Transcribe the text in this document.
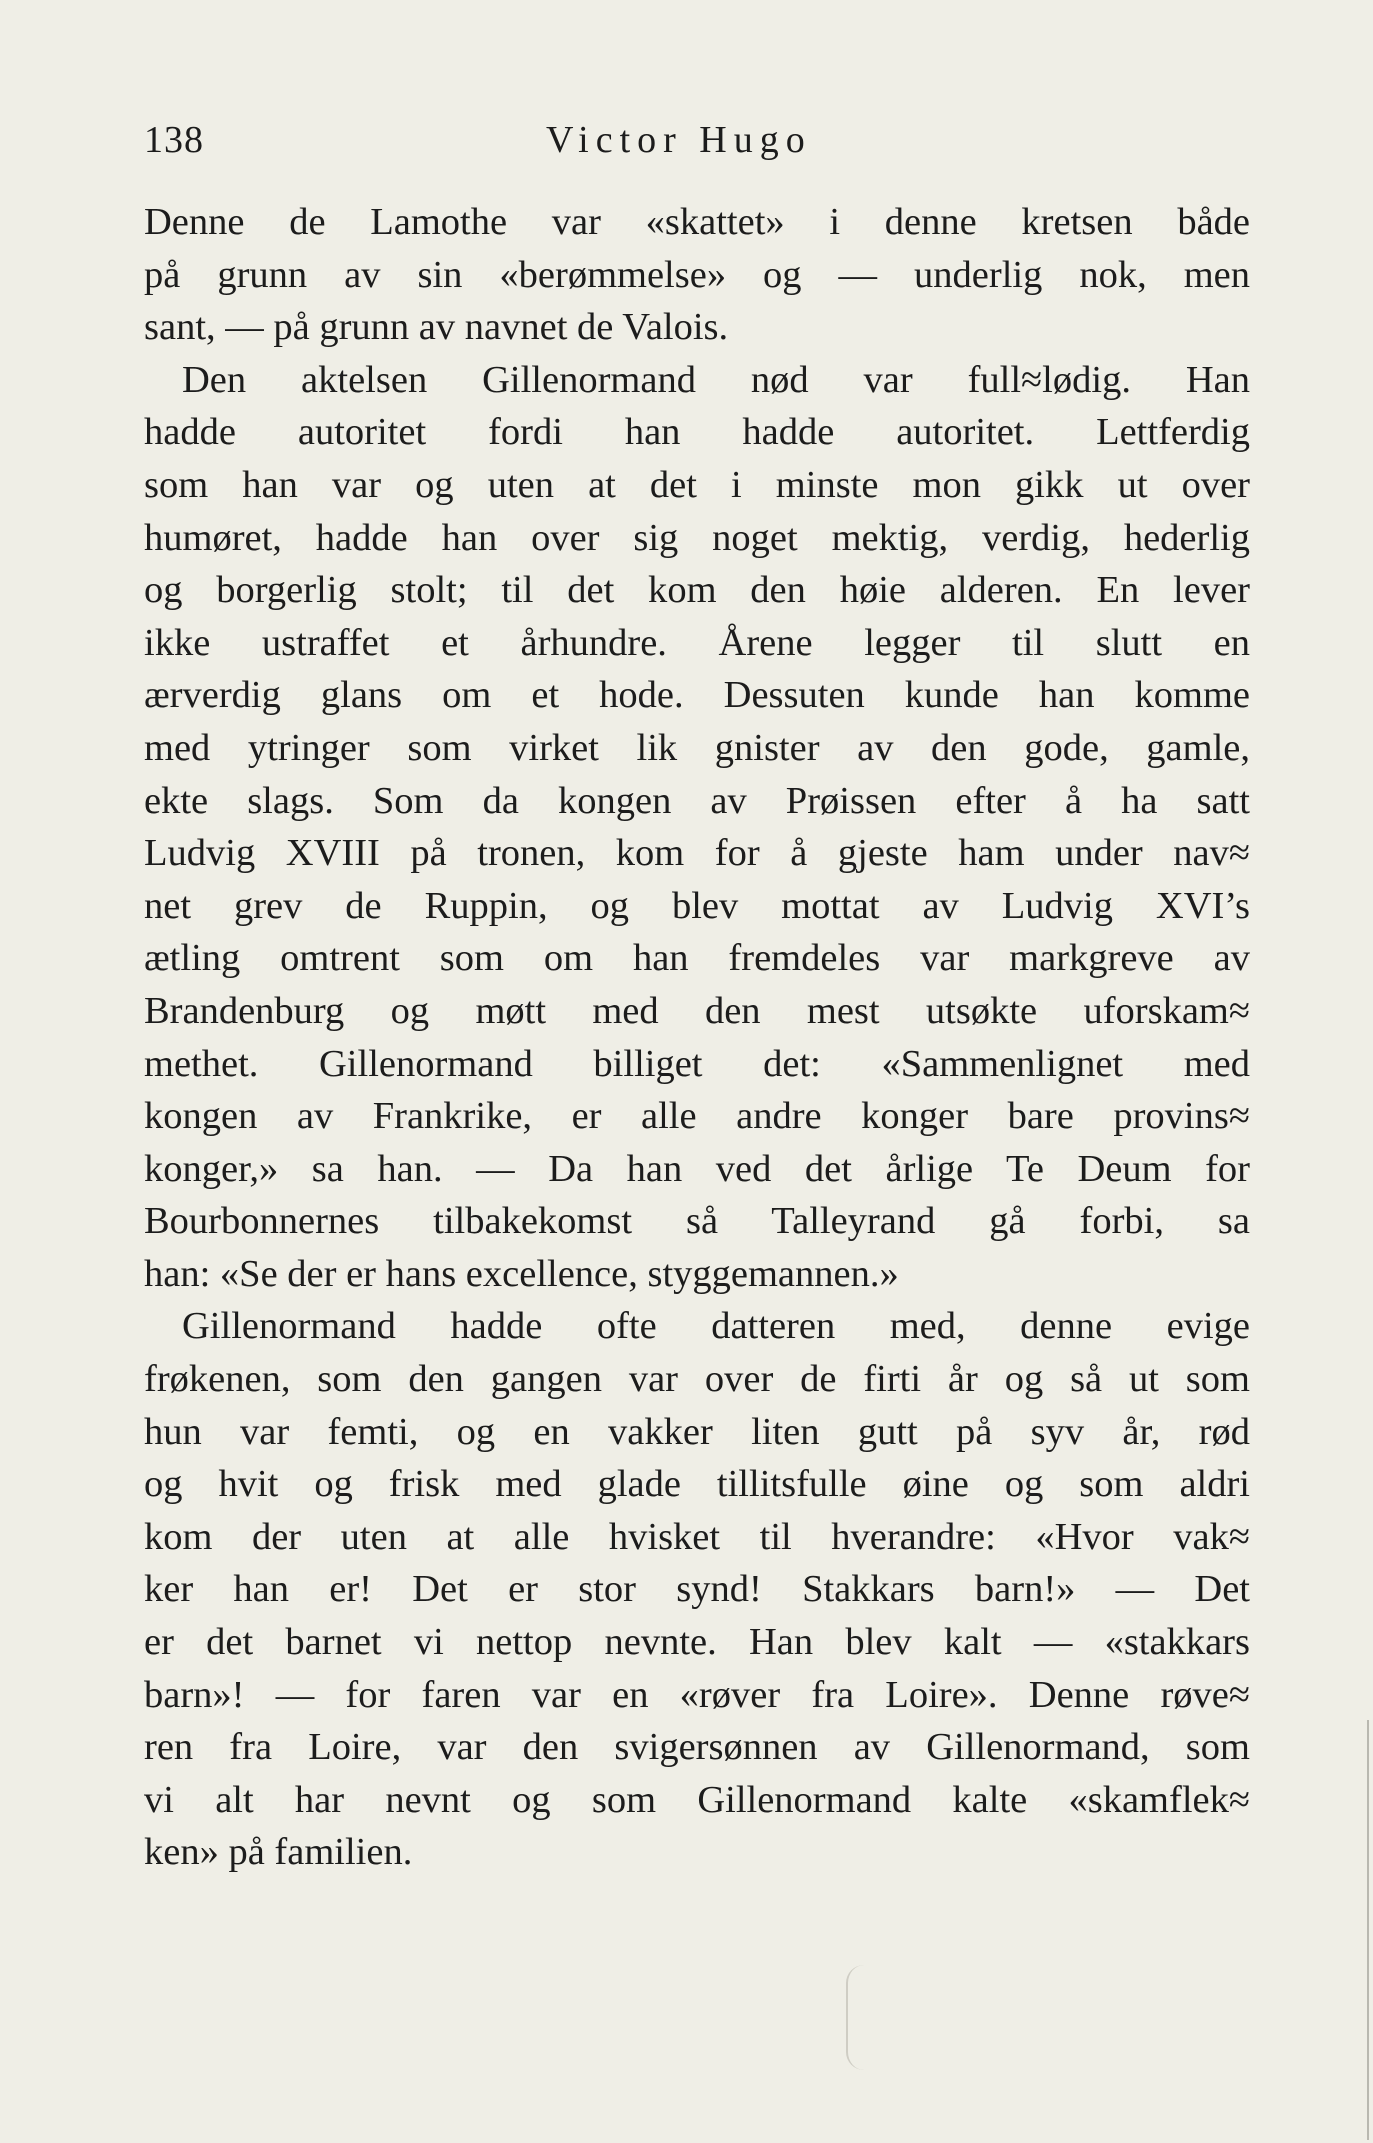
138	Victor Hugo
Denne de Lamothe var «skattet» i denne kretsen både
på grunn av sin «berømmelse» og — underlig nok, men
sant, — på grunn av navnet de Valois.
Den aktelsen Gillenormand nød var full≈lødig. Han
hadde autoritet fordi han hadde autoritet. Lettferdig
som han var og uten at det i minste mon gikk ut over
humøret, hadde han over sig noget mektig, verdig, hederlig
og borgerlig stolt; til det kom den høie alderen. En lever
ikke ustraffet et århundre. Årene legger til slutt en
ærverdig glans om et hode. Dessuten kunde han komme
med ytringer som virket lik gnister av den gode, gamle,
ekte slags. Som da kongen av Prøissen efter å ha satt
Ludvig XVIII på tronen, kom for å gjeste ham under nav≈
net grev de Ruppin, og blev mottat av Ludvig XVI’s
ætling omtrent som om han fremdeles var markgreve av
Brandenburg og møtt med den mest utsøkte uforskam≈
methet. Gillenormand billiget det: «Sammenlignet med
kongen av Frankrike, er alle andre konger bare provins≈
konger,» sa han. — Da han ved det årlige Te Deum for
Bourbonnernes tilbakekomst så Talleyrand gå forbi, sa
han: «Se der er hans excellence, styggemannen.»
Gillenormand hadde ofte datteren med, denne evige
frøkenen, som den gangen var over de firti år og så ut som
hun var femti, og en vakker liten gutt på syv år, rød
og hvit og frisk med glade tillitsfulle øine og som aldri
kom der uten at alle hvisket til hverandre: «Hvor vak≈
ker han er! Det er stor synd! Stakkars barn!» — Det
er det barnet vi nettop nevnte. Han blev kalt — «stakkars
barn»! — for faren var en «røver fra Loire». Denne røve≈
ren fra Loire, var den svigersønnen av Gillenormand, som
vi alt har nevnt og som Gillenormand kalte «skamflek≈
ken» på familien.
